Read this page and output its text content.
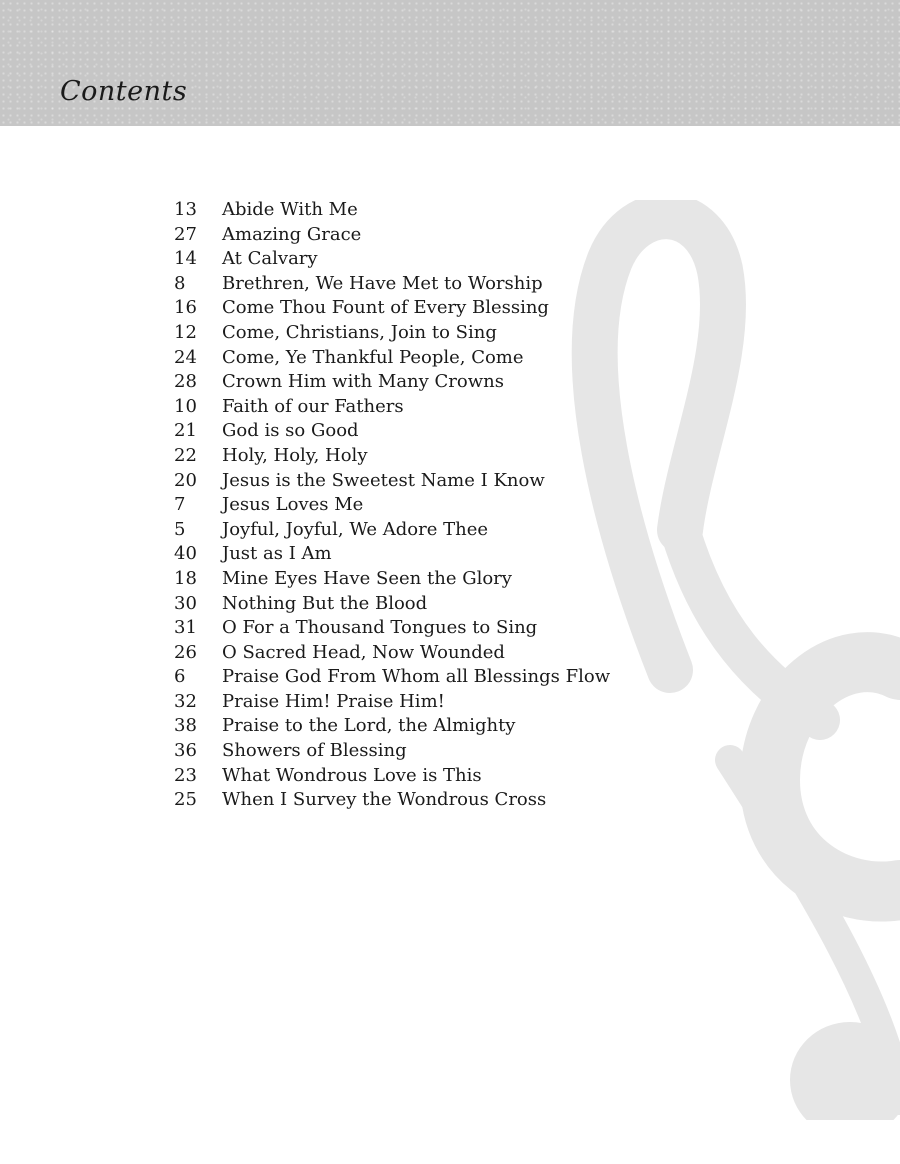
Contents
13	Abide With Me
27	Amazing Grace
14	At Calvary
8	Brethren, We Have Met to Worship
16	Come Thou Fount of Every Blessing
12	Come, Christians, Join to Sing
24	Come, Ye Thankful People, Come
28	Crown Him with Many Crowns
10	Faith of our Fathers
21	God is so Good
22	Holy, Holy, Holy
20	Jesus is the Sweetest Name I Know
7	Jesus Loves Me
5	Joyful, Joyful, We Adore Thee
40	Just as I Am
18	Mine Eyes Have Seen the Glory
30	Nothing But the Blood
31	O For a Thousand Tongues to Sing
26	O Sacred Head, Now Wounded
6	Praise God From Whom all Blessings Flow
32	Praise Him! Praise Him!
38	Praise to the Lord, the Almighty
36	Showers of Blessing
23	What Wondrous Love is This
25	When I Survey the Wondrous Cross
